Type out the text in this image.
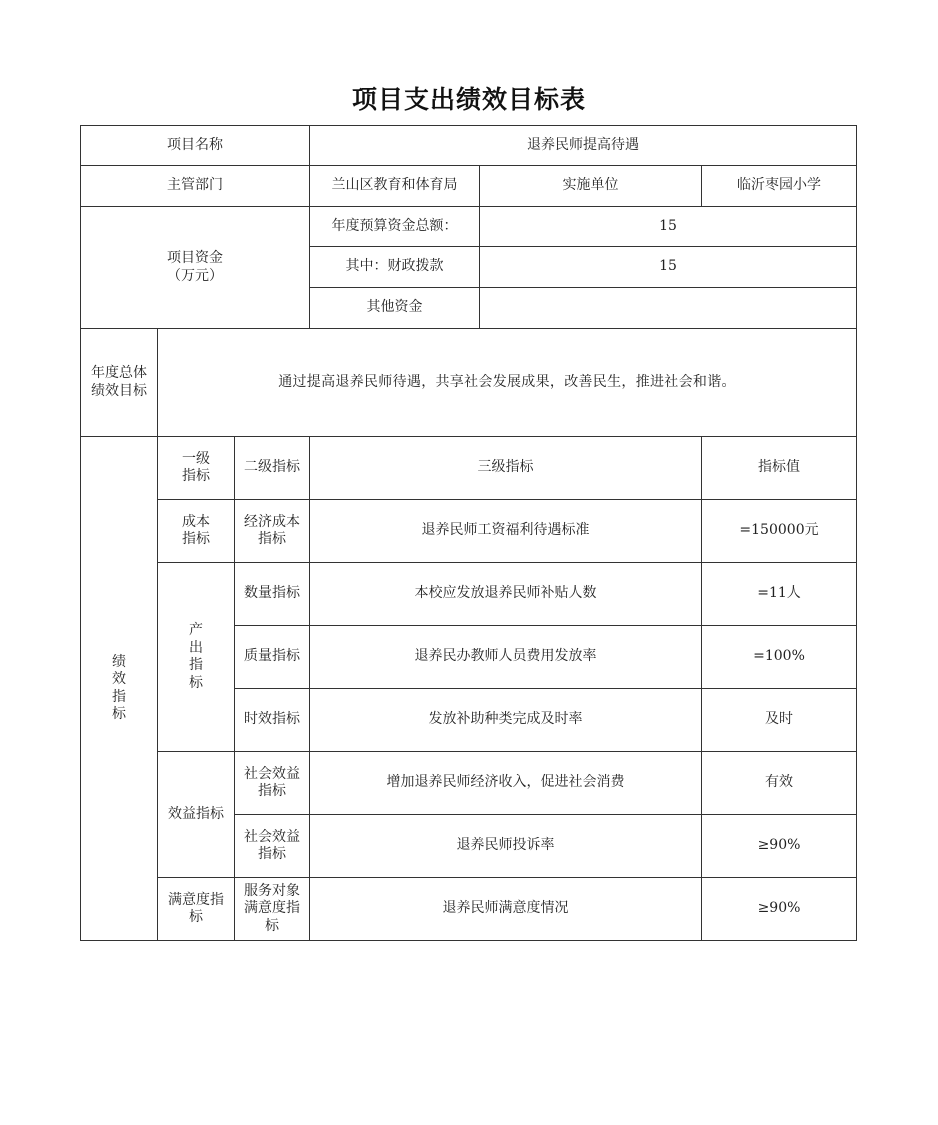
项目支出绩效目标表
项目名称			退养民师提高待遇		
主管部门			兰山区教育和体育局	实施单位	临沂枣园小学
项目资金（万元）			年度预算资金总额：	15	
			其中：财政拨款	15	
			其他资金		
年度总体绩效目标	通过提高退养民师待遇，共享社会发展成果，改善民生，推进社会和谐。				
绩效指标	一级指标	二级指标	三级指标		指标值
	成本指标	经济成本指标	退养民师工资福利待遇标准		=150000元
	产出指标	数量指标	本校应发放退养民师补贴人数		=11人
		质量指标	退养民办教师人员费用发放率		=100%
		时效指标	发放补助种类完成及时率		及时
	效益指标	社会效益指标	增加退养民师经济收入，促进社会消费		有效
		社会效益指标	退养民师投诉率		≥90%
	满意度指标	服务对象满意度指标	退养民师满意度情况		≥90%
